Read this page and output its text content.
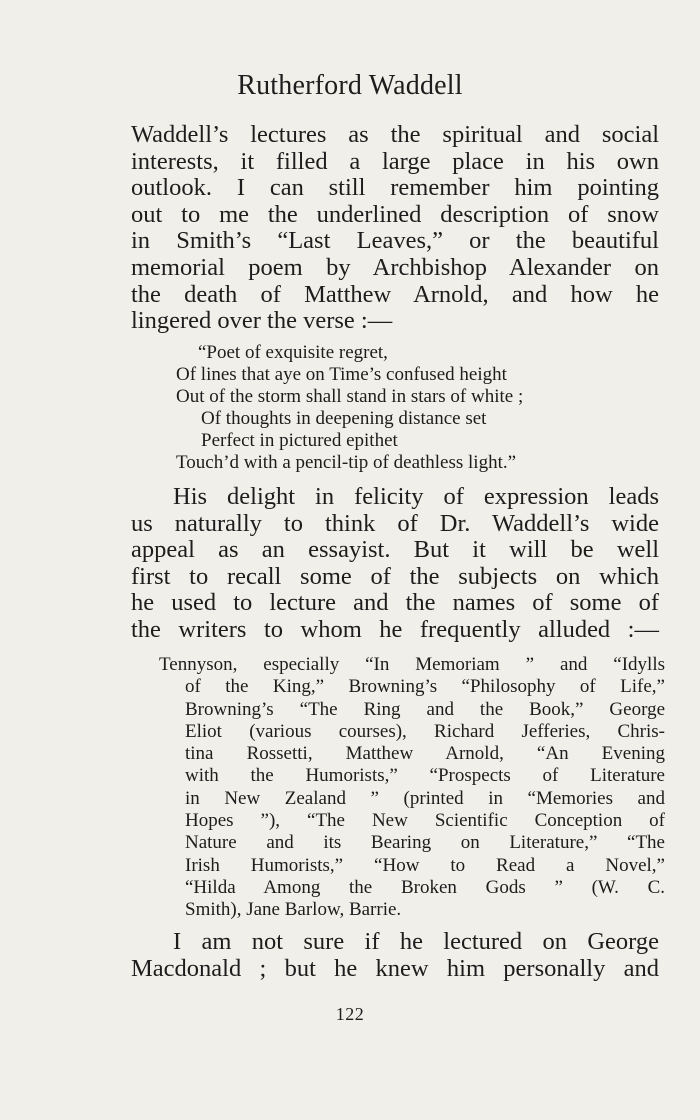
Rutherford Waddell
Waddell’s lectures as the spiritual and social
interests, it filled a large place in his own
outlook. I can still remember him pointing
out to me the underlined description of snow
in Smith’s “Last Leaves,” or the beautiful
memorial poem by Archbishop Alexander on
the death of Matthew Arnold, and how he
lingered over the verse :—
“Poet of exquisite regret,
Of lines that aye on Time’s confused height
Out of the storm shall stand in stars of white ;
Of thoughts in deepening distance set
Perfect in pictured epithet
Touch’d with a pencil-tip of deathless light.”
His delight in felicity of expression leads
us naturally to think of Dr. Waddell’s wide
appeal as an essayist. But it will be well
first to recall some of the subjects on which
he used to lecture and the names of some of
the writers to whom he frequently alluded :—
Tennyson, especially “In Memoriam ” and “Idylls
of the King,” Browning’s “Philosophy of Life,”
Browning’s “The Ring and the Book,” George
Eliot (various courses), Richard Jefferies, Chris-
tina Rossetti, Matthew Arnold, “An Evening
with the Humorists,” “Prospects of Literature
in New Zealand ” (printed in “Memories and
Hopes ”), “The New Scientific Conception of
Nature and its Bearing on Literature,” “The
Irish Humorists,” “How to Read a Novel,”
“Hilda Among the Broken Gods ” (W. C.
Smith), Jane Barlow, Barrie.
I am not sure if he lectured on George
Macdonald ; but he knew him personally and
122
